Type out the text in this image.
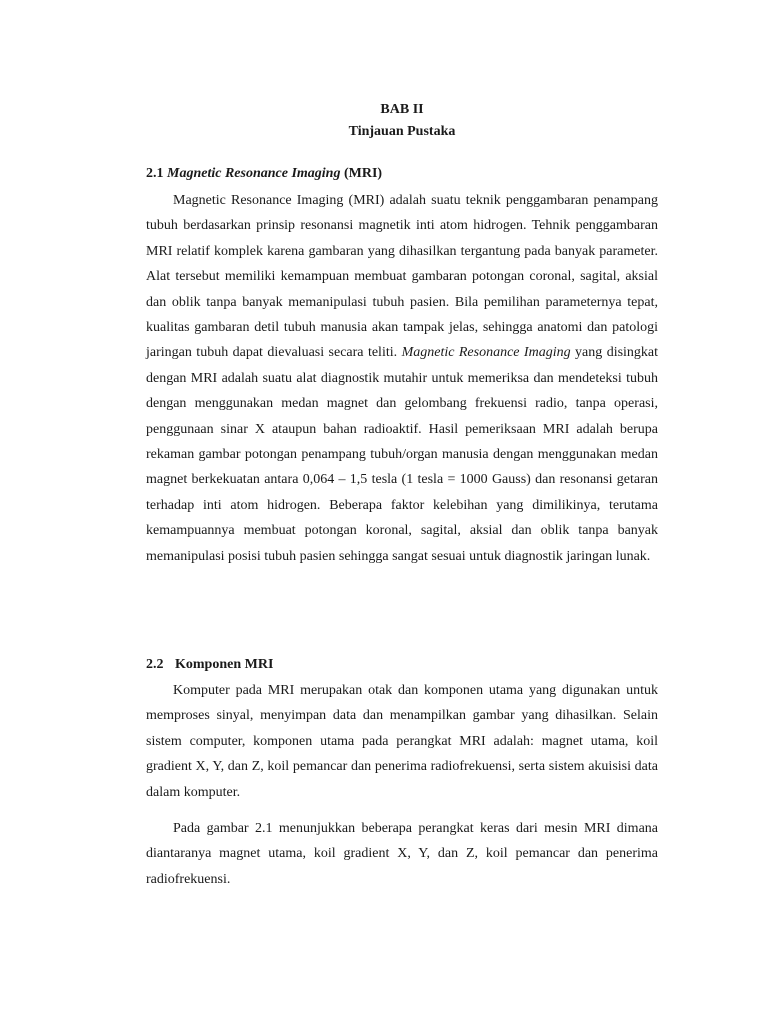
BAB II
Tinjauan Pustaka
2.1 Magnetic Resonance Imaging (MRI)

Magnetic Resonance Imaging (MRI) adalah suatu teknik penggambaran penampang tubuh berdasarkan prinsip resonansi magnetik inti atom hidrogen. Tehnik penggambaran MRI relatif komplek karena gambaran yang dihasilkan tergantung pada banyak parameter. Alat tersebut memiliki kemampuan membuat gambaran potongan coronal, sagital, aksial dan oblik tanpa banyak memanipulasi tubuh pasien. Bila pemilihan parameternya tepat, kualitas gambaran detil tubuh manusia akan tampak jelas, sehingga anatomi dan patologi jaringan tubuh dapat dievaluasi secara teliti. Magnetic Resonance Imaging yang disingkat dengan MRI adalah suatu alat diagnostik mutahir untuk memeriksa dan mendeteksi tubuh dengan menggunakan medan magnet dan gelombang frekuensi radio, tanpa operasi, penggunaan sinar X ataupun bahan radioaktif. Hasil pemeriksaan MRI adalah berupa rekaman gambar potongan penampang tubuh/organ manusia dengan menggunakan medan magnet berkekuatan antara 0,064 – 1,5 tesla (1 tesla = 1000 Gauss) dan resonansi getaran terhadap inti atom hidrogen. Beberapa faktor kelebihan yang dimilikinya, terutama kemampuannya membuat potongan koronal, sagital, aksial dan oblik tanpa banyak memanipulasi posisi tubuh pasien sehingga sangat sesuai untuk diagnostik jaringan lunak.

2.2 Komponen MRI

Komputer pada MRI merupakan otak dan komponen utama yang digunakan untuk memproses sinyal, menyimpan data dan menampilkan gambar yang dihasilkan. Selain sistem computer, komponen utama pada perangkat MRI adalah: magnet utama, koil gradient X, Y, dan Z, koil pemancar dan penerima radiofrekuensi, serta sistem akuisisi data dalam komputer.

Pada gambar 2.1 menunjukkan beberapa perangkat keras dari mesin MRI dimana diantaranya magnet utama, koil gradient X, Y, dan Z, koil pemancar dan penerima radiofrekuensi.
